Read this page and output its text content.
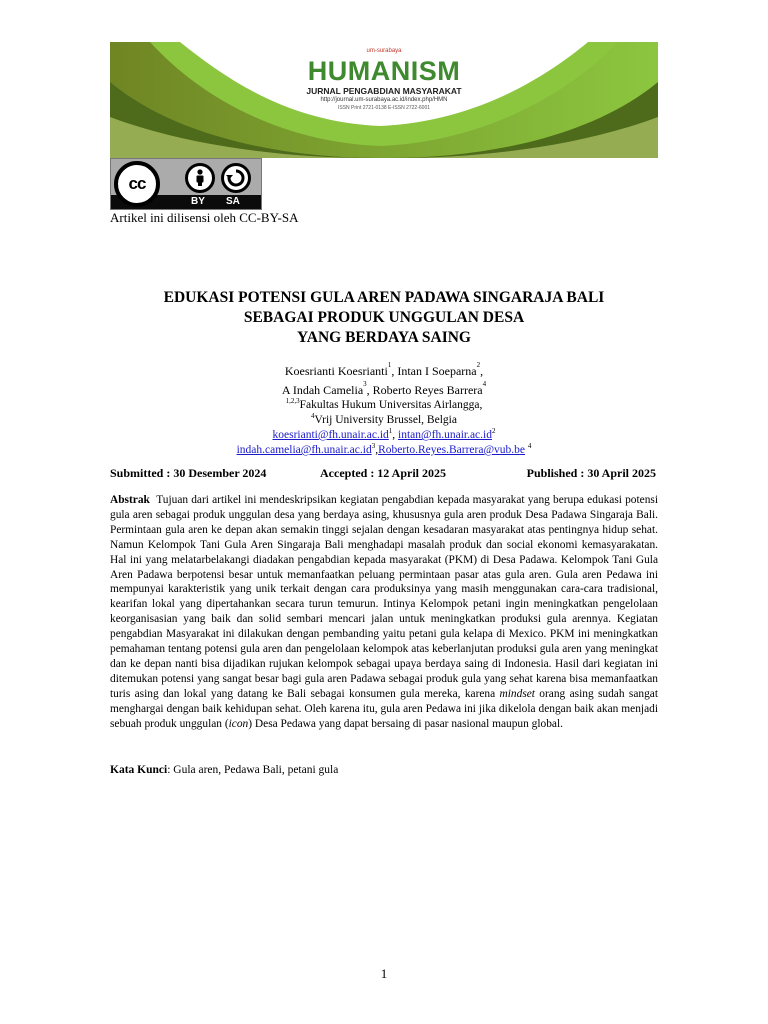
um-surabaya
HUMANISM
JURNAL PENGABDIAN MASYARAKAT
http://journal.um-surabaya.ac.id/index.php/HMN
ISSN Print 2721-0138 E-ISSN 2722-6001
cc
BY SA
Artikel ini dilisensi oleh CC-BY-SA
EDUKASI POTENSI GULA AREN PADAWA SINGARAJA BALI
SEBAGAI PRODUK UNGGULAN DESA
YANG BERDAYA SAING
Koesrianti Koesrianti$^1$, Intan I Soeparna$^2$,
A Indah Camelia$^3$, Roberto Reyes Barrera$^4$
$^{1,2,3}$Fakultas Hukum Universitas Airlangga,
$^4$Vrij University Brussel, Belgia
$koesrianti@fh.unair.ac.id^1$, $intan@fh.unair.ac.id^2$
$indah.camelia@fh.unair.ac.id^3,Roberto.Reyes.Barrera@vub.be$ $^4$
Submitted : 30 Desember 2024	Accepted : 12 April 2025	Published : 30 April 2025
Abstrak Tujuan dari artikel ini mendeskripsikan kegiatan pengabdian kepada masyarakat yang berupa edukasi potensi gula aren sebagai produk unggulan desa yang berdaya asing, khususnya gula aren produk Desa Padawa Singaraja Bali. Permintaan gula aren ke depan akan semakin tinggi sejalan dengan kesadaran masyarakat atas pentingnya hidup sehat. Namun Kelompok Tani Gula Aren Singaraja Bali menghadapi masalah produk dan social ekonomi kemasyarakatan. Hal ini yang melatarbelakangi diadakan pengabdian kepada masyarakat (PKM) di Desa Padawa. Kelompok Tani Gula Aren Padawa berpotensi besar untuk memanfaatkan peluang permintaan pasar atas gula aren. Gula aren Pedawa ini mempunyai karakteristik yang unik terkait dengan cara produksinya yang masih menggunakan cara-cara tradisional, kearifan lokal yang dipertahankan secara turun temurun. Intinya Kelompok petani ingin meningkatkan pengelolaan keorganisasian yang baik dan solid sembari mencari jalan untuk meningkatkan produksi gula arennya. Kegiatan pengabdian Masyarakat ini dilakukan dengan pembanding yaitu petani gula kelapa di Mexico. PKM ini meningkatkan pemahaman tentang potensi gula aren dan pengelolaan kelompok atas keberlanjutan produksi gula aren yang meningkat dan ke depan nanti bisa dijadikan rujukan kelompok sebagai upaya berdaya saing di Indonesia. Hasil dari kegiatan ini ditemukan potensi yang sangat besar bagi gula aren Padawa sebagai produk gula yang sehat karena bisa memanfaatkan turis asing dan lokal yang datang ke Bali sebagai konsumen gula mereka, karena mindset orang asing sudah sangat menghargai dengan baik kehidupan sehat. Oleh karena itu, gula aren Pedawa ini jika dikelola dengan baik akan menjadi sebuah produk unggulan (icon) Desa Pedawa yang dapat bersaing di pasar nasional maupun global.
Kata Kunci: Gula aren, Pedawa Bali, petani gula
1
